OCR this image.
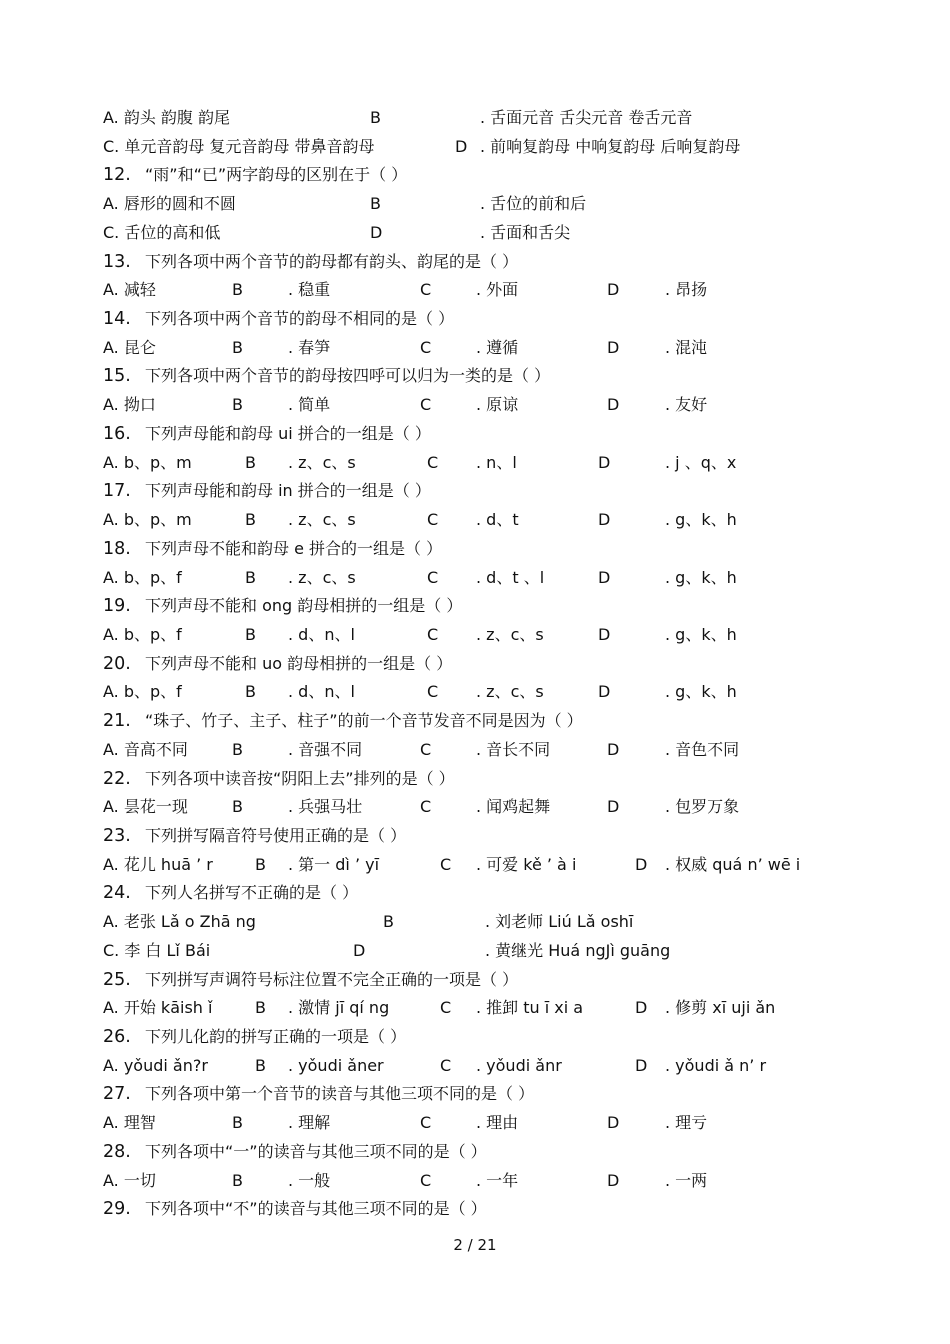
A. 韵头 韵腹 韵尾	B	. 舌面元音 舌尖元音 卷舌元音
C. 单元音韵母 复元音韵母 带鼻音韵母	D . 前响复韵母 中响复韵母 后响复韵母
12. “雨”和“已”两字韵母的区别在于（ ）
A. 唇形的圆和不圆	B	. 舌位的前和后
C. 舌位的高和低	D	. 舌面和舌尖
13. 下列各项中两个音节的韵母都有韵头、韵尾的是（ ）
A. 减轻	B	. 稳重	C	. 外面	D	. 昂扬
14. 下列各项中两个音节的韵母不相同的是（ ）
A. 昆仑	B	. 春笋	C	. 遵循	D	. 混沌
15. 下列各项中两个音节的韵母按四呼可以归为一类的是（ ）
A. 拗口	B	. 简单	C	. 原谅	D	. 友好
16. 下列声母能和韵母 ui 拼合的一组是（ ）
A. b、p、m	B . z、c、s	C . n、l	D	. j 、q、x
17. 下列声母能和韵母 in 拼合的一组是（ ）
A. b、p、m	B . z、c、s	C . d、t	D	. g、k、h
18. 下列声母不能和韵母 e 拼合的一组是（ ）
A. b、p、f	B . z、c、s	C . d、t 、l	D	. g、k、h
19. 下列声母不能和 ong 韵母相拼的一组是（ ）
A. b、p、f	B . d、n、l	C . z、c、s	D	. g、k、h
20. 下列声母不能和 uo 韵母相拼的一组是（ ）
A. b、p、f	B . d、n、l	C . z、c、s	D	. g、k、h
21. “珠子、竹子、主子、柱子”的前一个音节发音不同是因为（ ）
A. 音高不同	B	. 音强不同	C	. 音长不同	D	. 音色不同
22. 下列各项中读音按“阴阳上去”排列的是（ ）
A. 昙花一现	B	. 兵强马壮	C	. 闻鸡起舞	D	. 包罗万象
23. 下列拼写隔音符号使用正确的是（ ）
A. 花儿 huā ’ r	B . 第一 dì ’ yī	C . 可爱 kě ’ à i	D . 权威 quá n’ wē i
24. 下列人名拼写不正确的是（ ）
A. 老张 Lǎ o Zhā ng	B	. 刘老师 Liú Lǎ oshī
C. 李 白 Lǐ Bái	D	. 黄继光 Huá ngJì guāng
25. 下列拼写声调符号标注位置不完全正确的一项是（ ）
A. 开始 kāish ǐ	B . 激情 jī qí ng	C . 推卸 tu ī xi a	D . 修剪 xī uji ǎn
26. 下列儿化韵的拼写正确的一项是（ ）
A. yǒudi ǎn?r	B . yǒudi ǎner	C . yǒudi ǎnr	D . yǒudi ǎ n’ r
27. 下列各项中第一个音节的读音与其他三项不同的是（ ）
A. 理智	B	. 理解	C	. 理由	D	. 理亏
28. 下列各项中“一”的读音与其他三项不同的是（ ）
A. 一切	B	. 一般	C	. 一年	D	. 一两
29. 下列各项中“不”的读音与其他三项不同的是（ ）
2 / 21
